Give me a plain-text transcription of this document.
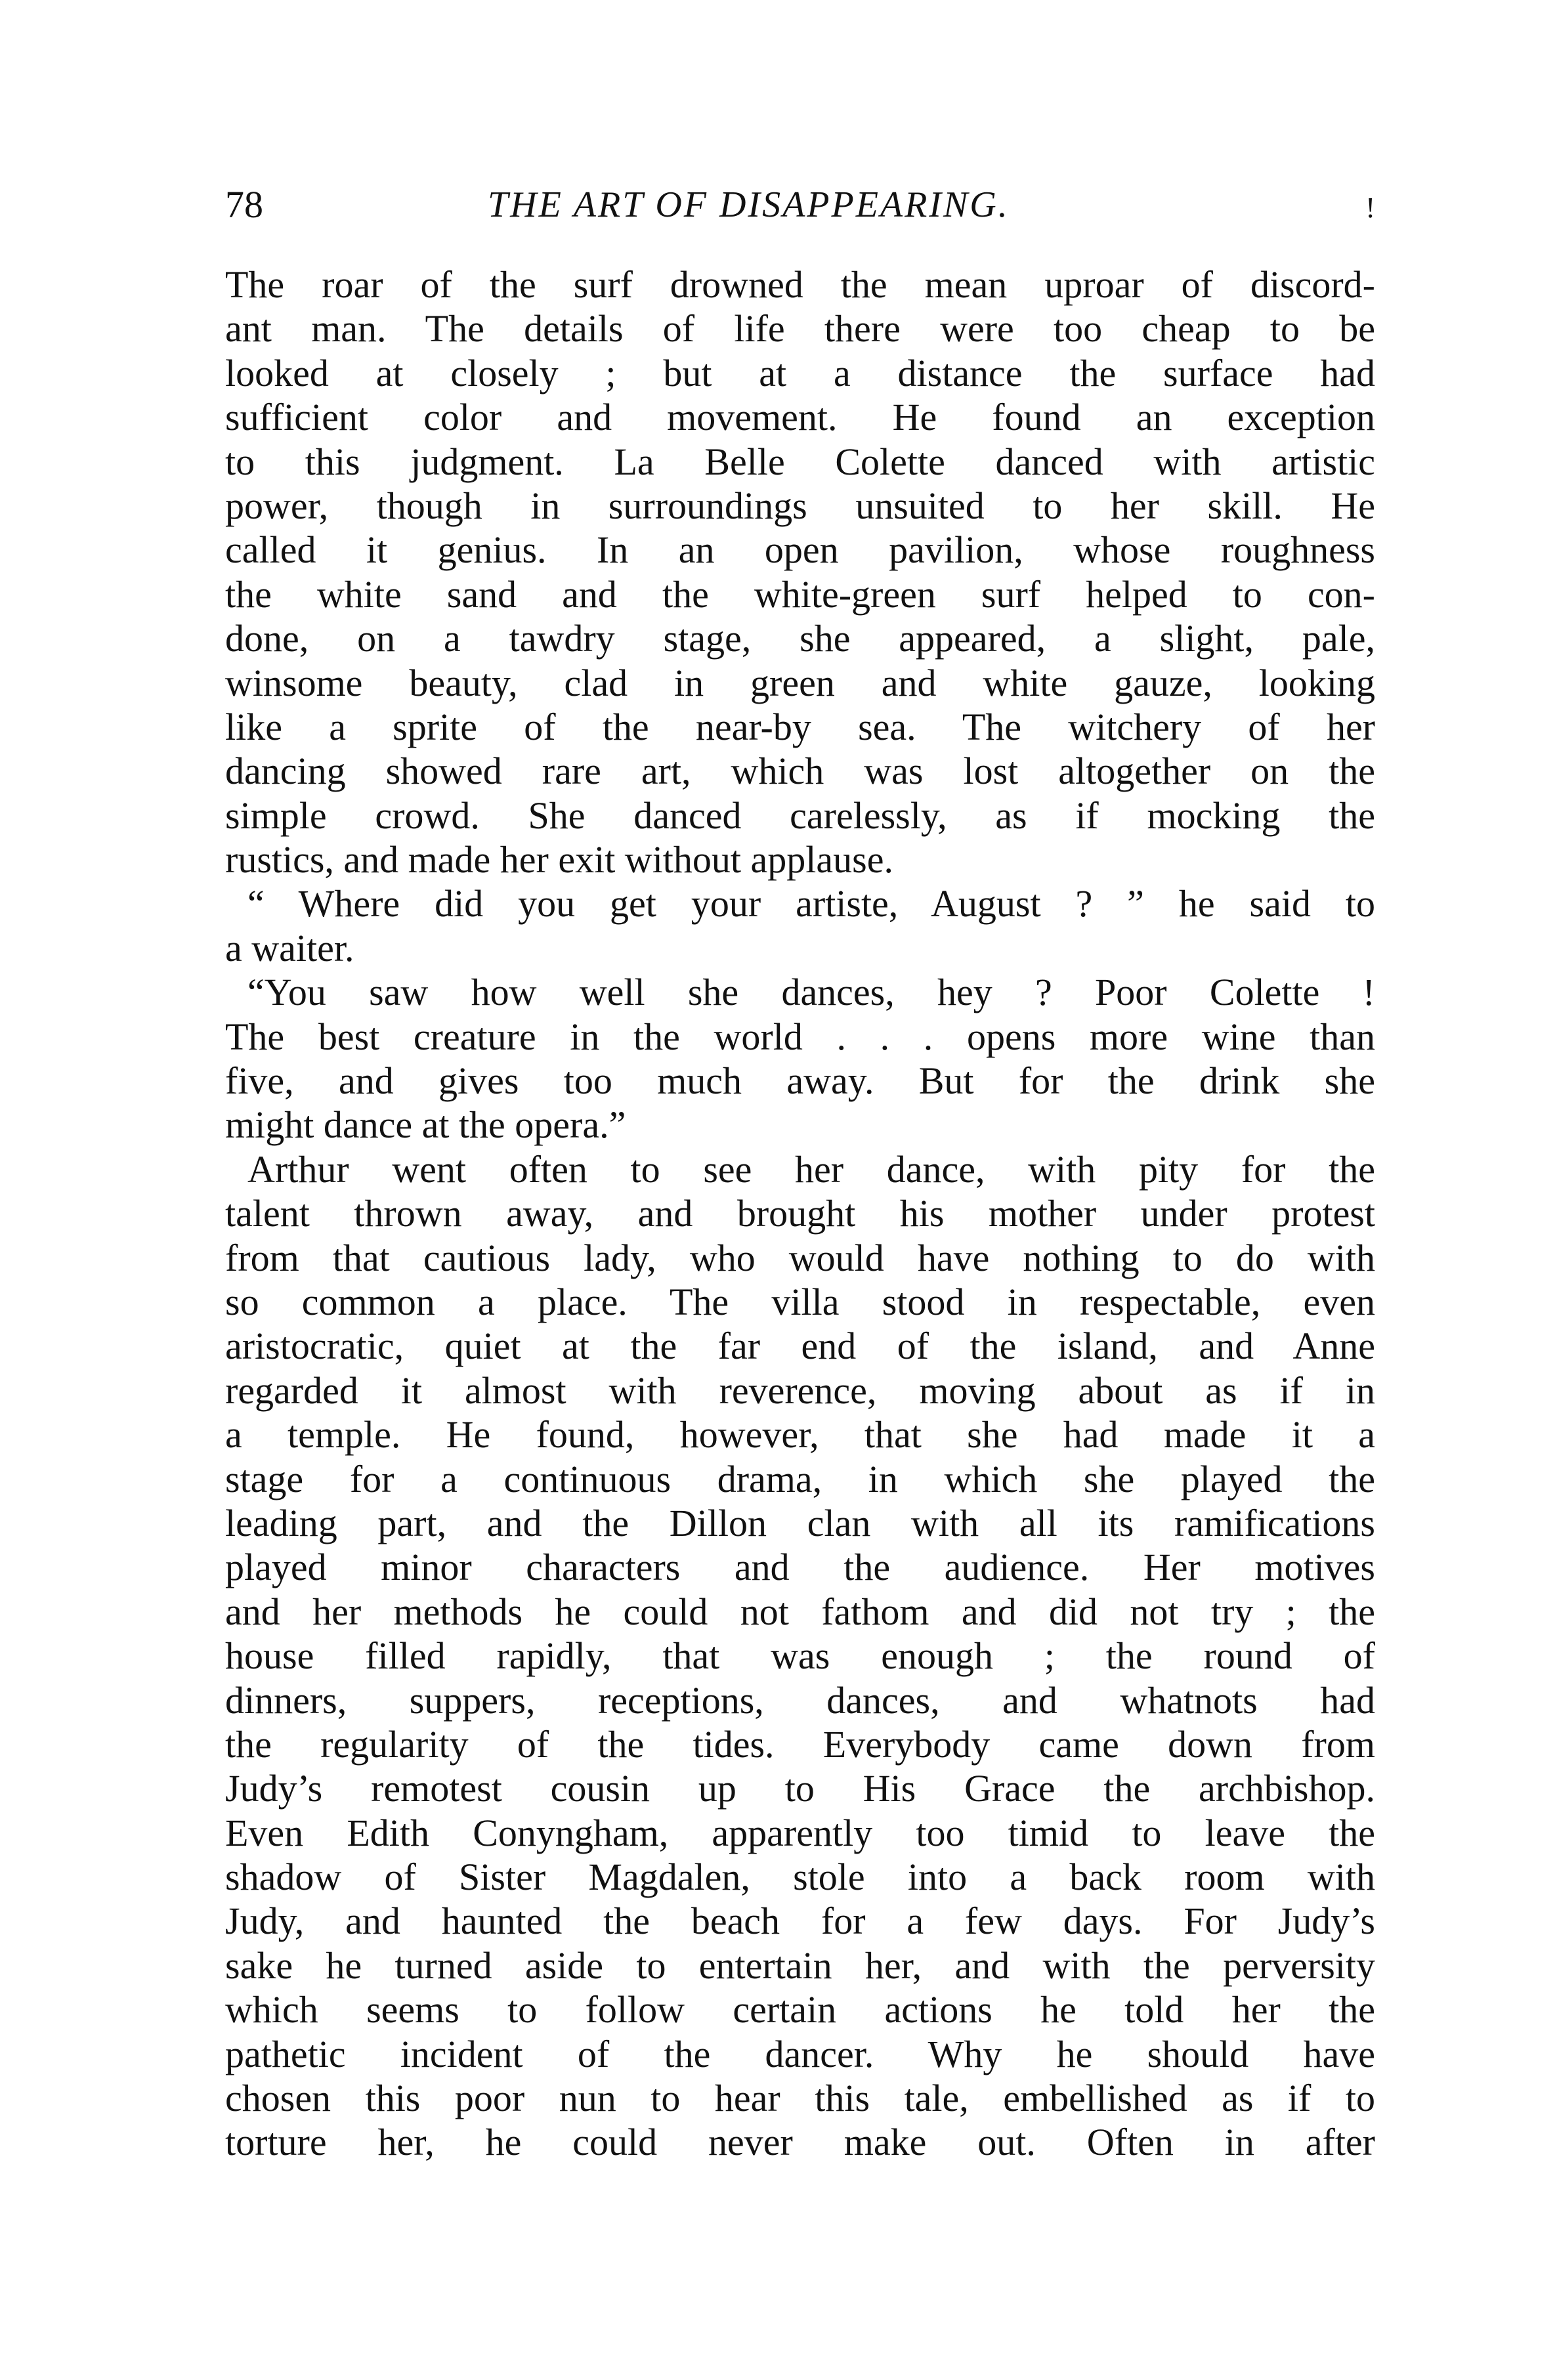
78	THE ART OF DISAPPEARING.	!
The roar of the surf drowned the mean uproar of discord-
ant man. The details of life there were too cheap to be
looked at closely ; but at a distance the surface had
sufficient color and movement. He found an exception
to this judgment. La Belle Colette danced with artistic
power, though in surroundings unsuited to her skill. He
called it genius. In an open pavilion, whose roughness
the white sand and the white-green surf helped to con-
done, on a tawdry stage, she appeared, a slight, pale,
winsome beauty, clad in green and white gauze, looking
like a sprite of the near-by sea. The witchery of her
dancing showed rare art, which was lost altogether on the
simple crowd. She danced carelessly, as if mocking the
rustics, and made her exit without applause.
“ Where did you get your artiste, August ? ” he said to
a waiter.
“You saw how well she dances, hey ? Poor Colette !
The best creature in the world . . . opens more wine than
five, and gives too much away. But for the drink she
might dance at the opera.”
Arthur went often to see her dance, with pity for the
talent thrown away, and brought his mother under protest
from that cautious lady, who would have nothing to do with
so common a place. The villa stood in respectable, even
aristocratic, quiet at the far end of the island, and Anne
regarded it almost with reverence, moving about as if in
a temple. He found, however, that she had made it a
stage for a continuous drama, in which she played the
leading part, and the Dillon clan with all its ramifications
played minor characters and the audience. Her motives
and her methods he could not fathom and did not try ; the
house filled rapidly, that was enough ; the round of
dinners, suppers, receptions, dances, and whatnots had
the regularity of the tides. Everybody came down from
Judy’s remotest cousin up to His Grace the archbishop.
Even Edith Conyngham, apparently too timid to leave the
shadow of Sister Magdalen, stole into a back room with
Judy, and haunted the beach for a few days. For Judy’s
sake he turned aside to entertain her, and with the perversity
which seems to follow certain actions he told her the
pathetic incident of the dancer. Why he should have
chosen this poor nun to hear this tale, embellished as if to
torture her, he could never make out. Often in after
